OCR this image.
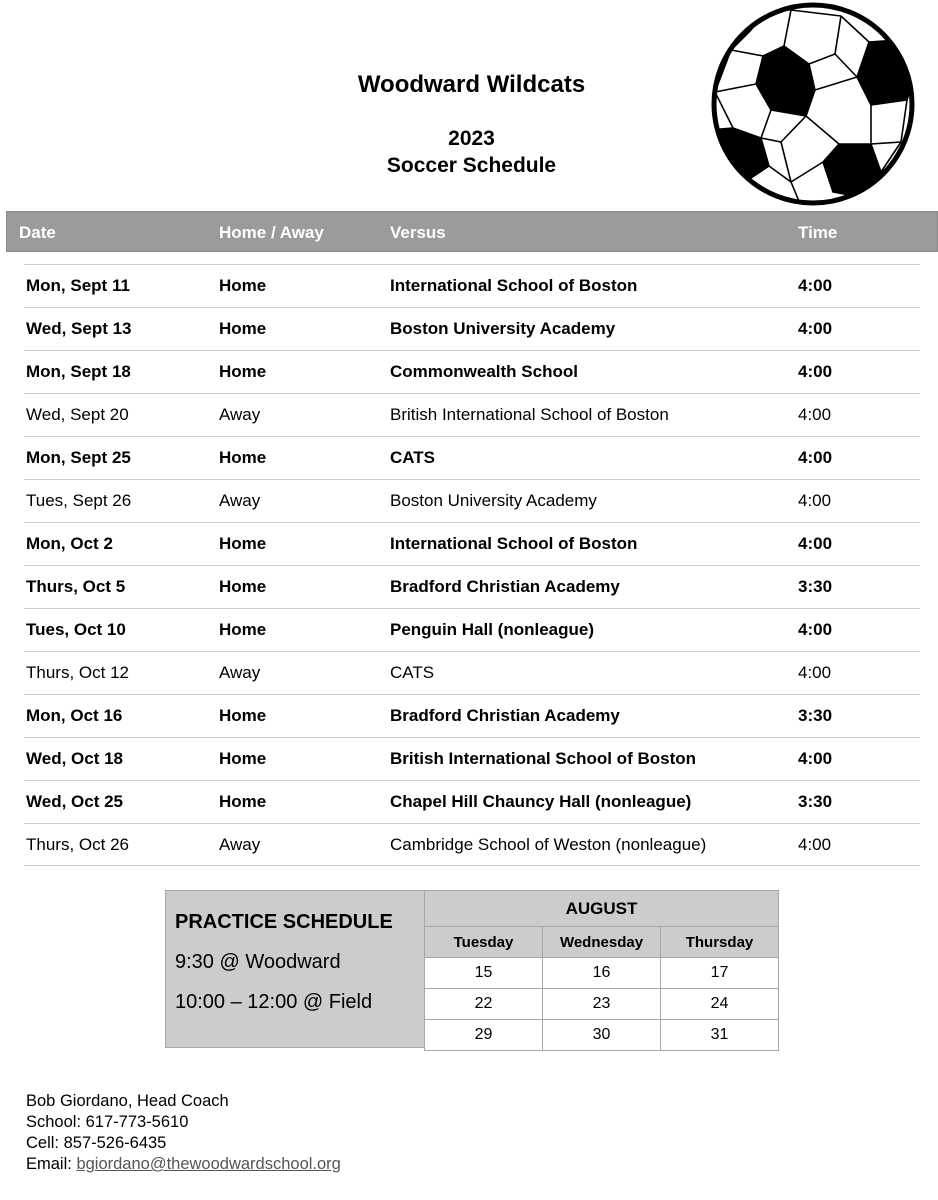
Woodward Wildcats
2023
Soccer Schedule
Date	Home / Away	Versus	Time
Mon, Sept 11	Home	International School of Boston	4:00
Wed, Sept 13	Home	Boston University Academy	4:00
Mon, Sept 18	Home	Commonwealth School	4:00
Wed, Sept 20	Away	British International School of Boston	4:00
Mon, Sept 25	Home	CATS	4:00
Tues, Sept 26	Away	Boston University Academy	4:00
Mon, Oct 2	Home	International School of Boston	4:00
Thurs, Oct 5	Home	Bradford Christian Academy	3:30
Tues, Oct 10	Home	Penguin Hall (nonleague)	4:00
Thurs, Oct 12	Away	CATS	4:00
Mon, Oct 16	Home	Bradford Christian Academy	3:30
Wed, Oct 18	Home	British International School of Boston	4:00
Wed, Oct 25	Home	Chapel Hill Chauncy Hall (nonleague)	3:30
Thurs, Oct 26	Away	Cambridge School of Weston (nonleague)	4:00
PRACTICE SCHEDULE
9:30 @ Woodward
10:00 – 12:00 @ Field
AUGUST		
Tuesday	Wednesday	Thursday
15	16	17
22	23	24
29	30	31
Bob Giordano, Head Coach
School: 617-773-5610
Cell: 857-526-6435
Email: bgiordano@thewoodwardschool.org
